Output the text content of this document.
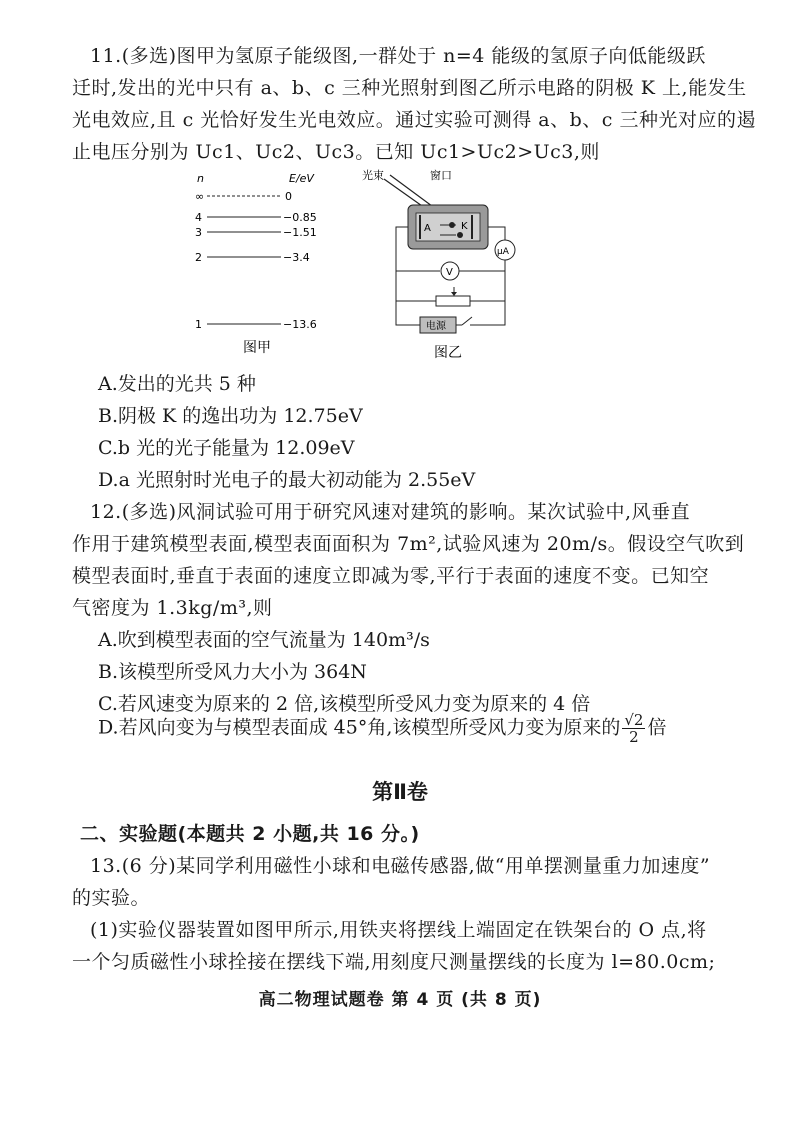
11.(多选)图甲为氢原子能级图,一群处于 n=4 能级的氢原子向低能级跃
迁时,发出的光中只有 a、b、c 三种光照射到图乙所示电路的阴极 K 上,能发生
光电效应,且 c 光恰好发生光电效应。通过实验可测得 a、b、c 三种光对应的遏
止电压分别为 Uc1、Uc2、Uc3。已知 Uc1>Uc2>Uc3,则
n	E/eV
∞	0
4	−0.85
3	−1.51
2	−3.4
1	−13.6
图甲
光束	窗口
A	K
μA
V
电源
图乙
A.发出的光共 5 种
B.阴极 K 的逸出功为 12.75eV
C.b 光的光子能量为 12.09eV
D.a 光照射时光电子的最大初动能为 2.55eV
12.(多选)风洞试验可用于研究风速对建筑的影响。某次试验中,风垂直
作用于建筑模型表面,模型表面面积为 7m²,试验风速为 20m/s。假设空气吹到
模型表面时,垂直于表面的速度立即减为零,平行于表面的速度不变。已知空
气密度为 1.3kg/m³,则
A.吹到模型表面的空气流量为 140m³/s
B.该模型所受风力大小为 364N
C.若风速变为原来的 2 倍,该模型所受风力变为原来的 4 倍
D.若风向变为与模型表面成 45°角,该模型所受风力变为原来的 $\frac{√2}{2}$ 倍
第Ⅱ卷
二、实验题(本题共 2 小题,共 16 分。)
13.(6 分)某同学利用磁性小球和电磁传感器,做“用单摆测量重力加速度”
的实验。
(1)实验仪器装置如图甲所示,用铁夹将摆线上端固定在铁架台的 O 点,将
一个匀质磁性小球拴接在摆线下端,用刻度尺测量摆线的长度为 l=80.0cm;
高二物理试题卷 第 4 页 (共 8 页)
